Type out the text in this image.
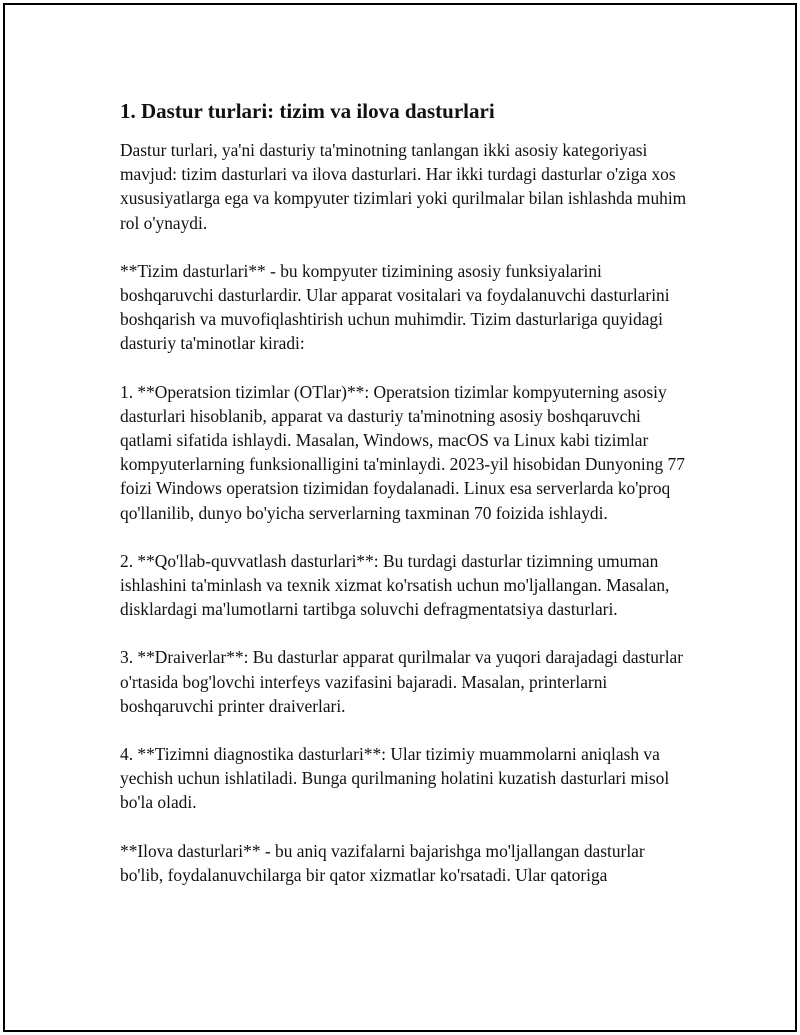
1. Dastur turlari: tizim va ilova dasturlari

Dastur turlari, ya'ni dasturiy ta'minotning tanlangan ikki asosiy kategoriyasi mavjud: tizim dasturlari va ilova dasturlari. Har ikki turdagi dasturlar o'ziga xos xususiyatlarga ega va kompyuter tizimlari yoki qurilmalar bilan ishlashda muhim rol o'ynaydi.

**Tizim dasturlari** - bu kompyuter tizimining asosiy funksiyalarini boshqaruvchi dasturlardir. Ular apparat vositalari va foydalanuvchi dasturlarini boshqarish va muvofiqlashtirish uchun muhimdir. Tizim dasturlariga quyidagi dasturiy ta'minotlar kiradi:

1. **Operatsion tizimlar (OTlar)**: Operatsion tizimlar kompyuterning asosiy dasturlari hisoblanib, apparat va dasturiy ta'minotning asosiy boshqaruvchi qatlami sifatida ishlaydi. Masalan, Windows, macOS va Linux kabi tizimlar kompyuterlarning funksionalligini ta'minlaydi. 2023-yil hisobidan Dunyoning 77 foizi Windows operatsion tizimidan foydalanadi. Linux esa serverlarda ko'proq qo'llanilib, dunyo bo'yicha serverlarning taxminan 70 foizida ishlaydi.

2. **Qo'llab-quvvatlash dasturlari**: Bu turdagi dasturlar tizimning umuman ishlashini ta'minlash va texnik xizmat ko'rsatish uchun mo'ljallangan. Masalan, disklardagi ma'lumotlarni tartibga soluvchi defragmentatsiya dasturlari.

3. **Draiverlar**: Bu dasturlar apparat qurilmalar va yuqori darajadagi dasturlar o'rtasida bog'lovchi interfeys vazifasini bajaradi. Masalan, printerlarni boshqaruvchi printer draiverlari.

4. **Tizimni diagnostika dasturlari**: Ular tizimiy muammolarni aniqlash va yechish uchun ishlatiladi. Bunga qurilmaning holatini kuzatish dasturlari misol bo'la oladi.

**Ilova dasturlari** - bu aniq vazifalarni bajarishga mo'ljallangan dasturlar bo'lib, foydalanuvchilarga bir qator xizmatlar ko'rsatadi. Ular qatoriga
